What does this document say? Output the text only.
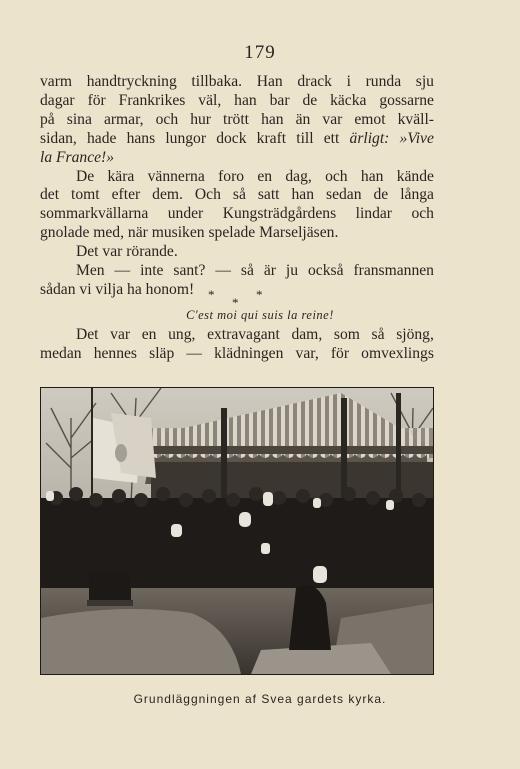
179
varm handtryckning tillbaka. Han drack i runda sju
dagar för Frankrikes väl, han bar de käcka gossarne
på sina armar, och hur trött han än var emot kväll-
sidan, hade hans lungor dock kraft till ett ärligt: »Vive
la France!»
De kära vännerna foro en dag, och han kände
det tomt efter dem. Och så satt han sedan de långa
sommarkvällarna under Kungsträdgårdens lindar och
gnolade med, när musiken spelade Marseljäsen.
Det var rörande.
Men — inte sant? — så är ju också fransmannen
sådan vi vilja ha honom!	*	*
*
C'est moi qui suis la reine!
Det var en ung, extravagant dam, som så sjöng,
medan hennes släp — klädningen var, för omvexlings
Grundläggningen af Svea gardets kyrka.
